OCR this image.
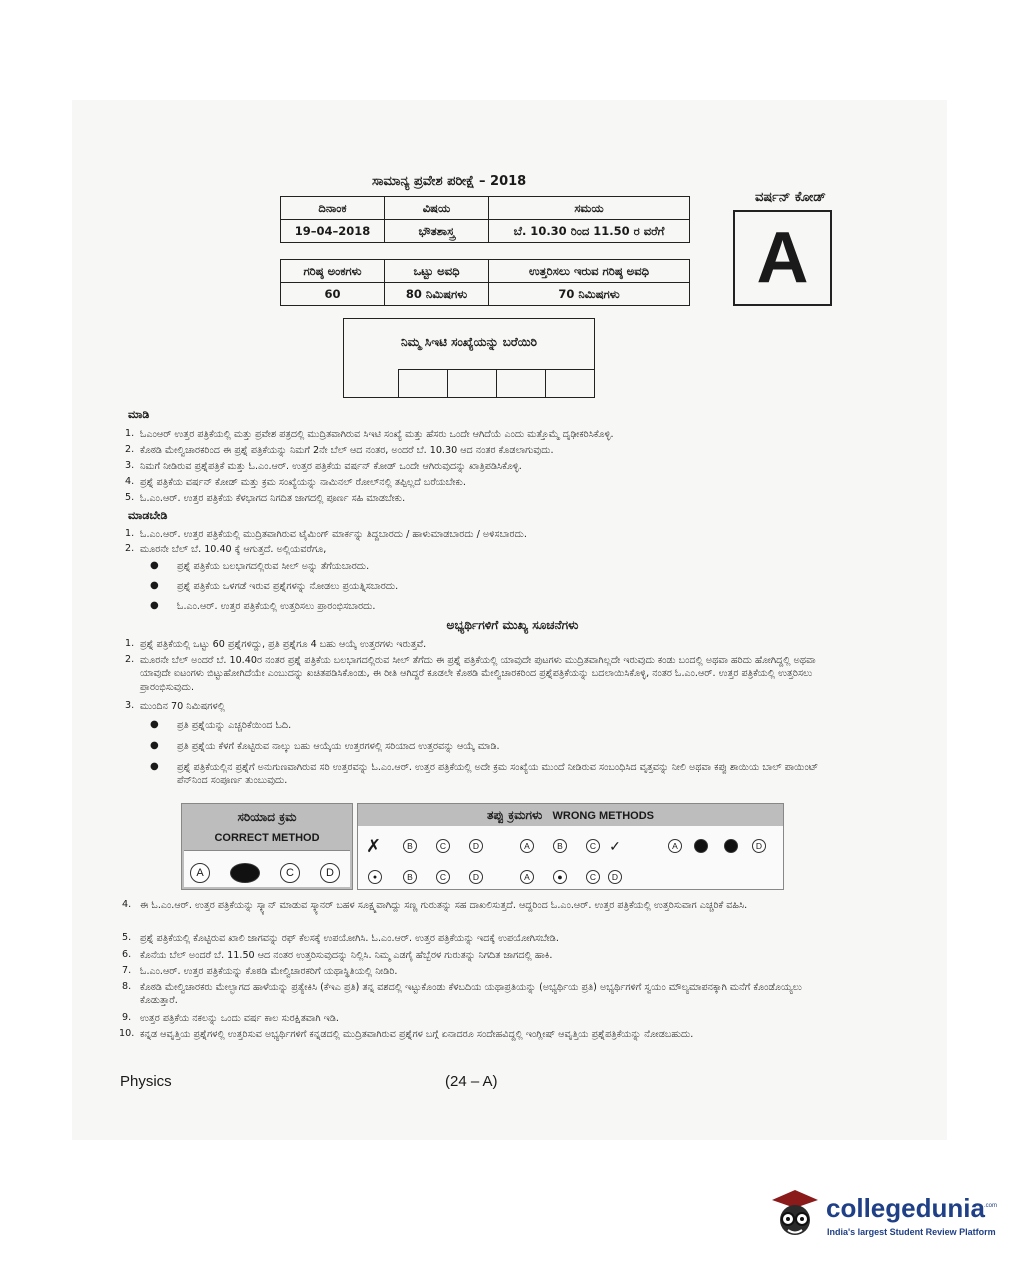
ಸಾಮಾನ್ಯ ಪ್ರವೇಶ ಪರೀಕ್ಷೆ – 2018
ವರ್ಷನ್ ಕೋಡ್
A
ದಿನಾಂಕ	ವಿಷಯ	ಸಮಯ
19–04–2018	ಭೌತಶಾಸ್ತ್ರ	ಬೆ. 10.30 ರಿಂದ 11.50 ರ ವರೆಗೆ
ಗರಿಷ್ಠ ಅಂಕಗಳು	ಒಟ್ಟು ಅವಧಿ	ಉತ್ತರಿಸಲು ಇರುವ ಗರಿಷ್ಠ ಅವಧಿ
60	80 ನಿಮಿಷಗಳು	70 ನಿಮಿಷಗಳು
ನಿಮ್ಮ ಸಿಇಟಿ ಸಂಖ್ಯೆಯನ್ನು ಬರೆಯಿರಿ
ಮಾಡಿ
1. ಓಎಂಆರ್ ಉತ್ತರ ಪತ್ರಿಕೆಯಲ್ಲಿ ಮತ್ತು ಪ್ರವೇಶ ಪತ್ರದಲ್ಲಿ ಮುದ್ರಿತವಾಗಿರುವ ಸಿಇಟಿ ಸಂಖ್ಯೆ ಮತ್ತು ಹೆಸರು ಒಂದೇ ಆಗಿದೆಯೆ ಎಂದು ಮತ್ತೊಮ್ಮೆ ದೃಢೀಕರಿಸಿಕೊಳ್ಳಿ.
2. ಕೊಠಡಿ ಮೇಲ್ವಿಚಾರಕರಿಂದ ಈ ಪ್ರಶ್ನೆ ಪತ್ರಿಕೆಯನ್ನು ನಿಮಗೆ 2ನೇ ಬೆಲ್ ಆದ ನಂತರ, ಅಂದರೆ ಬೆ. 10.30 ಆದ ನಂತರ ಕೊಡಲಾಗುವುದು.
3. ನಿಮಗೆ ನೀಡಿರುವ ಪ್ರಶ್ನೆಪತ್ರಿಕೆ ಮತ್ತು ಓ.ಎಂ.ಆರ್. ಉತ್ತರ ಪತ್ರಿಕೆಯ ವರ್ಷನ್ ಕೋಡ್ ಒಂದೇ ಆಗಿರುವುದನ್ನು ಖಾತ್ರಿಪಡಿಸಿಕೊಳ್ಳಿ.
4. ಪ್ರಶ್ನೆ ಪತ್ರಿಕೆಯ ವರ್ಷನ್ ಕೋಡ್ ಮತ್ತು ಕ್ರಮ ಸಂಖ್ಯೆಯನ್ನು ನಾಮಿನಲ್ ರೋಲ್‌ನಲ್ಲಿ ತಪ್ಪಿಲ್ಲದೆ ಬರೆಯಬೇಕು.
5. ಓ.ಎಂ.ಆರ್. ಉತ್ತರ ಪತ್ರಿಕೆಯ ಕೆಳಭಾಗದ ನಿಗದಿತ ಜಾಗದಲ್ಲಿ ಪೂರ್ಣ ಸಹಿ ಮಾಡಬೇಕು.
ಮಾಡಬೇಡಿ
1. ಓ.ಎಂ.ಆರ್. ಉತ್ತರ ಪತ್ರಿಕೆಯಲ್ಲಿ ಮುದ್ರಿತವಾಗಿರುವ ಟೈಮಿಂಗ್ ಮಾರ್ಕನ್ನು ತಿದ್ದಬಾರದು / ಹಾಳುಮಾಡಬಾರದು / ಅಳಿಸಬಾರದು.
2. ಮೂರನೇ ಬೆಲ್ ಬೆ. 10.40 ಕ್ಕೆ ಆಗುತ್ತದೆ. ಅಲ್ಲಿಯವರೆಗೂ,
● ಪ್ರಶ್ನೆ ಪತ್ರಿಕೆಯ ಬಲಭಾಗದಲ್ಲಿರುವ ಸೀಲ್ ಅನ್ನು ತೆಗೆಯಬಾರದು.
● ಪ್ರಶ್ನೆ ಪತ್ರಿಕೆಯ ಒಳಗಡೆ ಇರುವ ಪ್ರಶ್ನೆಗಳನ್ನು ನೋಡಲು ಪ್ರಯತ್ನಿಸಬಾರದು.
● ಓ.ಎಂ.ಆರ್. ಉತ್ತರ ಪತ್ರಿಕೆಯಲ್ಲಿ ಉತ್ತರಿಸಲು ಪ್ರಾರಂಭಿಸಬಾರದು.
ಅಭ್ಯರ್ಥಿಗಳಿಗೆ ಮುಖ್ಯ ಸೂಚನೆಗಳು
1. ಪ್ರಶ್ನೆ ಪತ್ರಿಕೆಯಲ್ಲಿ ಒಟ್ಟು 60 ಪ್ರಶ್ನೆಗಳಿದ್ದು, ಪ್ರತಿ ಪ್ರಶ್ನೆಗೂ 4 ಬಹು ಆಯ್ಕೆ ಉತ್ತರಗಳು ಇರುತ್ತವೆ.
2. ಮೂರನೇ ಬೆಲ್ ಅಂದರೆ ಬೆ. 10.40ರ ನಂತರ ಪ್ರಶ್ನೆ ಪತ್ರಿಕೆಯ ಬಲಭಾಗದಲ್ಲಿರುವ ಸೀಲ್ ತೆಗೆದು ಈ ಪ್ರಶ್ನೆ ಪತ್ರಿಕೆಯಲ್ಲಿ ಯಾವುದೇ ಪುಟಗಳು ಮುದ್ರಿತವಾಗಿಲ್ಲದೇ ಇರುವುದು ಕಂಡು ಬಂದಲ್ಲಿ ಅಥವಾ ಹರಿದು ಹೋಗಿದ್ದಲ್ಲಿ ಅಥವಾ ಯಾವುದೇ ಐಟಂಗಳು ಬಿಟ್ಟುಹೋಗಿದೆಯೇ ಎಂಬುದನ್ನು ಖಚಿತಪಡಿಸಿಕೊಂಡು, ಈ ರೀತಿ ಆಗಿದ್ದರೆ ಕೂಡಲೇ ಕೊಠಡಿ ಮೇಲ್ವಿಚಾರಕರಿಂದ ಪ್ರಶ್ನೆಪತ್ರಿಕೆಯನ್ನು ಬದಲಾಯಿಸಿಕೊಳ್ಳಿ, ನಂತರ ಓ.ಎಂ.ಆರ್. ಉತ್ತರ ಪತ್ರಿಕೆಯಲ್ಲಿ ಉತ್ತರಿಸಲು ಪ್ರಾರಂಭಿಸುವುದು.
3. ಮುಂದಿನ 70 ನಿಮಿಷಗಳಲ್ಲಿ
● ಪ್ರತಿ ಪ್ರಶ್ನೆಯನ್ನು ಎಚ್ಚರಿಕೆಯಿಂದ ಓದಿ.
● ಪ್ರತಿ ಪ್ರಶ್ನೆಯ ಕೆಳಗೆ ಕೊಟ್ಟಿರುವ ನಾಲ್ಕು ಬಹು ಆಯ್ಕೆಯ ಉತ್ತರಗಳಲ್ಲಿ ಸರಿಯಾದ ಉತ್ತರವನ್ನು ಆಯ್ಕೆ ಮಾಡಿ.
● ಪ್ರಶ್ನೆ ಪತ್ರಿಕೆಯಲ್ಲಿನ ಪ್ರಶ್ನೆಗೆ ಅನುಗುಣವಾಗಿರುವ ಸರಿ ಉತ್ತರವನ್ನು ಓ.ಎಂ.ಆರ್. ಉತ್ತರ ಪತ್ರಿಕೆಯಲ್ಲಿ ಅದೇ ಕ್ರಮ ಸಂಖ್ಯೆಯ ಮುಂದೆ ನೀಡಿರುವ ಸಂಬಂಧಿಸಿದ ವೃತ್ತವನ್ನು ನೀಲಿ ಅಥವಾ ಕಪ್ಪು ಶಾಯಿಯ ಬಾಲ್ ಪಾಯಿಂಟ್ ಪೆನ್‌ನಿಂದ ಸಂಪೂರ್ಣ ತುಂಬುವುದು.
ಸರಿಯಾದ ಕ್ರಮ
CORRECT METHOD
A	C	D
ತಪ್ಪು ಕ್ರಮಗಳು WRONG METHODS
✗	B	C	D	A	B	C ✓	A	D
●	B	C	D	A	●	C	D
4. ಈ ಓ.ಎಂ.ಆರ್. ಉತ್ತರ ಪತ್ರಿಕೆಯನ್ನು ಸ್ಕ್ಯಾನ್ ಮಾಡುವ ಸ್ಕ್ಯಾನರ್ ಬಹಳ ಸೂಕ್ಷ್ಮವಾಗಿದ್ದು ಸಣ್ಣ ಗುರುತನ್ನು ಸಹ ದಾಖಲಿಸುತ್ತದೆ. ಆದ್ದರಿಂದ ಓ.ಎಂ.ಆರ್. ಉತ್ತರ ಪತ್ರಿಕೆಯಲ್ಲಿ ಉತ್ತರಿಸುವಾಗ ಎಚ್ಚರಿಕೆ ವಹಿಸಿ.
5. ಪ್ರಶ್ನೆ ಪತ್ರಿಕೆಯಲ್ಲಿ ಕೊಟ್ಟಿರುವ ಖಾಲಿ ಜಾಗವನ್ನು ರಫ್ ಕೆಲಸಕ್ಕೆ ಉಪಯೋಗಿಸಿ. ಓ.ಎಂ.ಆರ್. ಉತ್ತರ ಪತ್ರಿಕೆಯನ್ನು ಇದಕ್ಕೆ ಉಪಯೋಗಿಸಬೇಡಿ.
6. ಕೊನೆಯ ಬೆಲ್ ಅಂದರೆ ಬೆ. 11.50 ಆದ ನಂತರ ಉತ್ತರಿಸುವುದನ್ನು ನಿಲ್ಲಿಸಿ. ನಿಮ್ಮ ಎಡಗೈ ಹೆಬ್ಬೆರಳ ಗುರುತನ್ನು ನಿಗದಿತ ಜಾಗದಲ್ಲಿ ಹಾಕಿ.
7. ಓ.ಎಂ.ಆರ್. ಉತ್ತರ ಪತ್ರಿಕೆಯನ್ನು ಕೊಠಡಿ ಮೇಲ್ವಿಚಾರಕರಿಗೆ ಯಥಾಸ್ಥಿತಿಯಲ್ಲಿ ನೀಡಿರಿ.
8. ಕೊಠಡಿ ಮೇಲ್ವಿಚಾರಕರು ಮೇಲ್ಭಾಗದ ಹಾಳೆಯನ್ನು ಪ್ರತ್ಯೇಕಿಸಿ (ಕೆಇಎ ಪ್ರತಿ) ತನ್ನ ವಶದಲ್ಲಿ ಇಟ್ಟುಕೊಂಡು ಕೆಳಬದಿಯ ಯಥಾಪ್ರತಿಯನ್ನು (ಅಭ್ಯರ್ಥಿಯ ಪ್ರತಿ) ಅಭ್ಯರ್ಥಿಗಳಿಗೆ ಸ್ವಯಂ ಮೌಲ್ಯಮಾಪನಕ್ಕಾಗಿ ಮನೆಗೆ ಕೊಂಡೊಯ್ಯಲು ಕೊಡುತ್ತಾರೆ.
9. ಉತ್ತರ ಪತ್ರಿಕೆಯ ನಕಲನ್ನು ಒಂದು ವರ್ಷ ಕಾಲ ಸುರಕ್ಷಿತವಾಗಿ ಇಡಿ.
10. ಕನ್ನಡ ಆವೃತ್ತಿಯ ಪ್ರಶ್ನೆಗಳಲ್ಲಿ ಉತ್ತರಿಸುವ ಅಭ್ಯರ್ಥಿಗಳಿಗೆ ಕನ್ನಡದಲ್ಲಿ ಮುದ್ರಿತವಾಗಿರುವ ಪ್ರಶ್ನೆಗಳ ಬಗ್ಗೆ ಏನಾದರೂ ಸಂದೇಹವಿದ್ದಲ್ಲಿ ಇಂಗ್ಲೀಷ್ ಆವೃತ್ತಿಯ ಪ್ರಶ್ನೆಪತ್ರಿಕೆಯನ್ನು ನೋಡಬಹುದು.
Physics	(24 – A)
collegedunia .com
India's largest Student Review Platform
